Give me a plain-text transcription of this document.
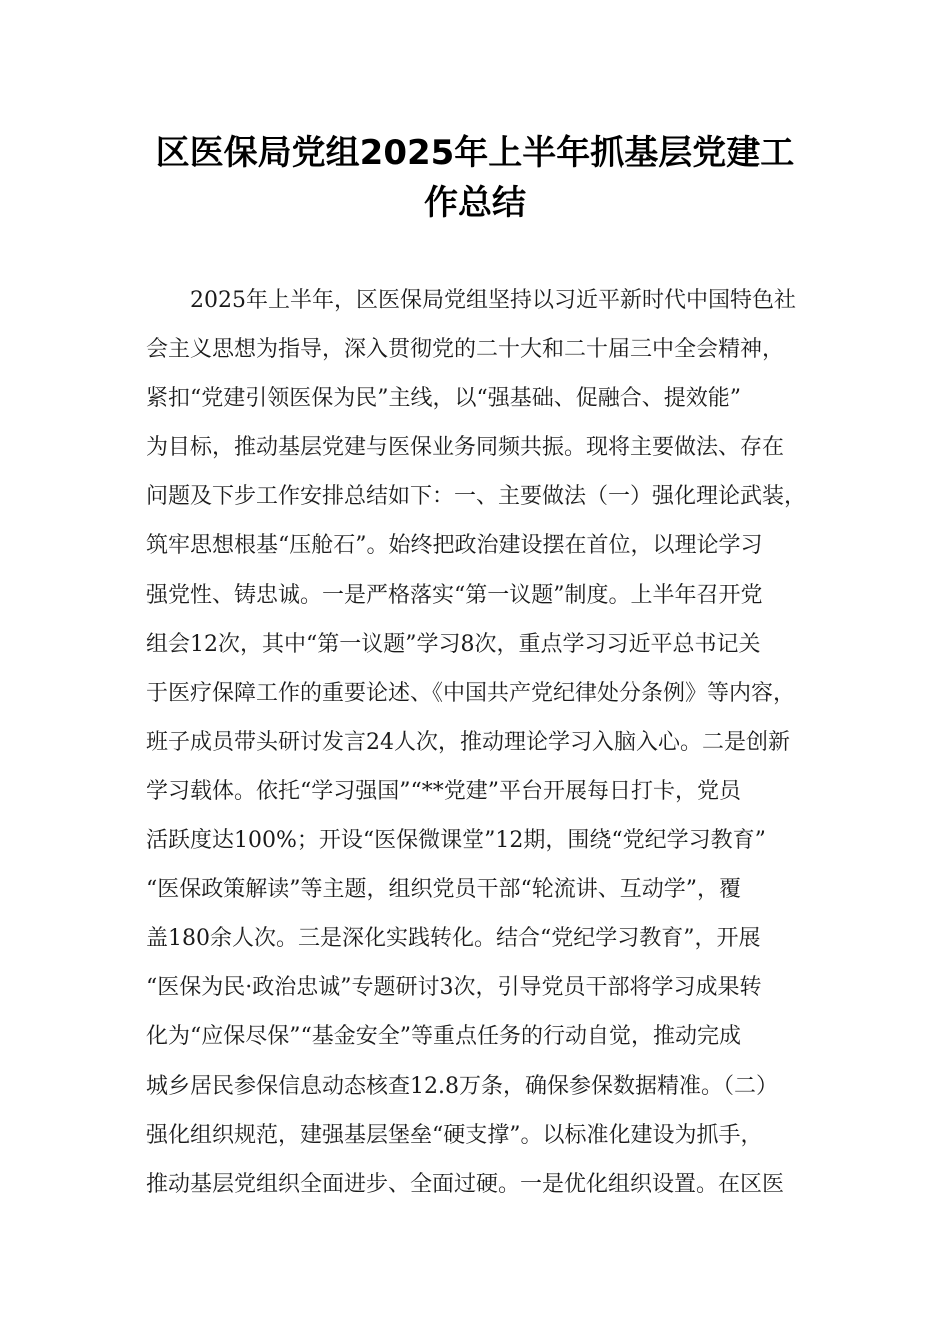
区医保局党组2025年上半年抓基层党建工
作总结
2025年上半年，区医保局党组坚持以习近平新时代中国特色社
会主义思想为指导，深入贯彻党的二十大和二十届三中全会精神，
紧扣“党建引领医保为民”主线，以“强基础、促融合、提效能”
为目标，推动基层党建与医保业务同频共振。现将主要做法、存在
问题及下步工作安排总结如下：一、主要做法（一）强化理论武装，
筑牢思想根基“压舱石”。始终把政治建设摆在首位，以理论学习
强党性、铸忠诚。一是严格落实“第一议题”制度。上半年召开党
组会12次，其中“第一议题”学习8次，重点学习习近平总书记关
于医疗保障工作的重要论述、《中国共产党纪律处分条例》等内容，
班子成员带头研讨发言24人次，推动理论学习入脑入心。二是创新
学习载体。依托“学习强国”“**党建”平台开展每日打卡，党员
活跃度达100%；开设“医保微课堂”12期，围绕“党纪学习教育”
“医保政策解读”等主题，组织党员干部“轮流讲、互动学”，覆
盖180余人次。三是深化实践转化。结合“党纪学习教育”，开展
“医保为民·政治忠诚”专题研讨3次，引导党员干部将学习成果转
化为“应保尽保”“基金安全”等重点任务的行动自觉，推动完成
城乡居民参保信息动态核查12.8万条，确保参保数据精准。（二）
强化组织规范，建强基层堡垒“硬支撑”。以标准化建设为抓手，
推动基层党组织全面进步、全面过硬。一是优化组织设置。在区医
